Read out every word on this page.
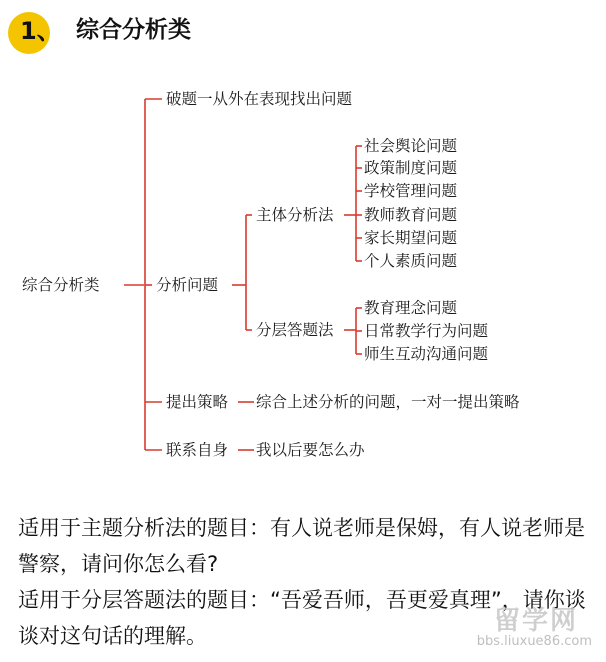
1、 综合分析类
综合分析类
破题一从外在表现找出问题
分析问题
主体分析法
分层答题法
社会舆论问题
政策制度问题
学校管理问题
教师教育问题
家长期望问题
个人素质问题
教育理念问题
日常教学行为问题
师生互动沟通问题
提出策略 综合上述分析的问题，一对一提出策略
联系自身 我以后要怎么办

适用于主题分析法的题目：有人说老师是保姆，有人说老师是警察，请问你怎么看?

适用于分层答题法的题目：“吾爱吾师，吾更爱真理”，请你谈谈对这句话的理解。	留学网
bbs.liuxue86.com
